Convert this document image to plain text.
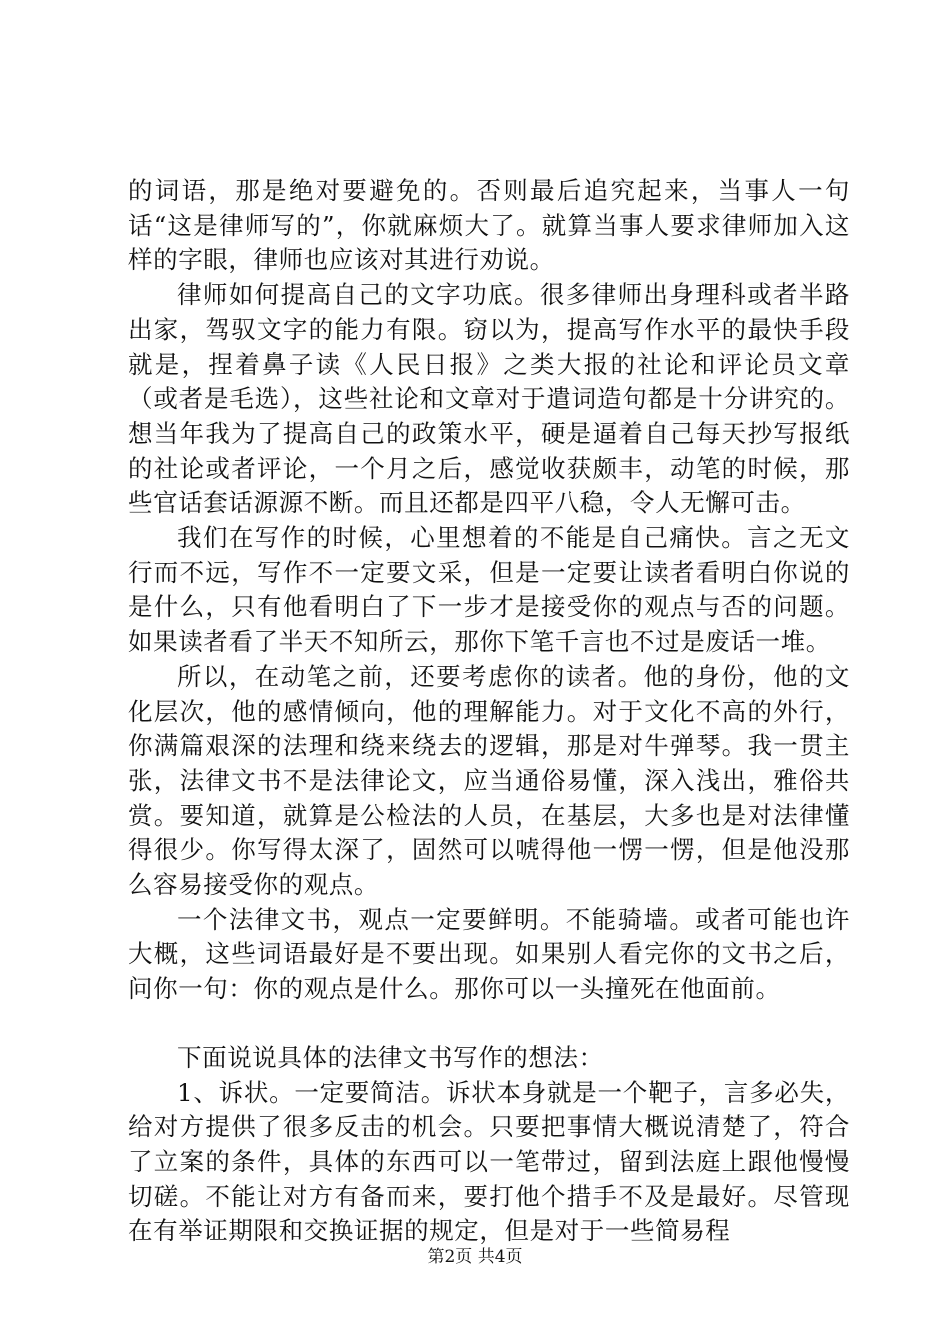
的词语，那是绝对要避免的。否则最后追究起来，当事人一句话“这是律师写的”，你就麻烦大了。就算当事人要求律师加入这样的字眼，律师也应该对其进行劝说。

律师如何提高自己的文字功底。很多律师出身理科或者半路出家，驾驭文字的能力有限。窃以为，提高写作水平的最快手段就是，捏着鼻子读《人民日报》之类大报的社论和评论员文章（或者是毛选），这些社论和文章对于遣词造句都是十分讲究的。想当年我为了提高自己的政策水平，硬是逼着自己每天抄写报纸的社论或者评论，一个月之后，感觉收获颇丰，动笔的时候，那些官话套话源源不断。而且还都是四平八稳，令人无懈可击。

我们在写作的时候，心里想着的不能是自己痛快。言之无文行而不远，写作不一定要文采，但是一定要让读者看明白你说的是什么，只有他看明白了下一步才是接受你的观点与否的问题。如果读者看了半天不知所云，那你下笔千言也不过是废话一堆。

所以，在动笔之前，还要考虑你的读者。他的身份，他的文化层次，他的感情倾向，他的理解能力。对于文化不高的外行，你满篇艰深的法理和绕来绕去的逻辑，那是对牛弹琴。我一贯主张，法律文书不是法律论文，应当通俗易懂，深入浅出，雅俗共赏。要知道，就算是公检法的人员，在基层，大多也是对法律懂得很少。你写得太深了，固然可以唬得他一愣一愣，但是他没那么容易接受你的观点。

一个法律文书，观点一定要鲜明。不能骑墙。或者可能也许大概，这些词语最好是不要出现。如果别人看完你的文书之后，问你一句：你的观点是什么。那你可以一头撞死在他面前。

下面说说具体的法律文书写作的想法：

1、诉状。一定要简洁。诉状本身就是一个靶子，言多必失，给对方提供了很多反击的机会。只要把事情大概说清楚了，符合了立案的条件，具体的东西可以一笔带过，留到法庭上跟他慢慢切磋。不能让对方有备而来，要打他个措手不及是最好。尽管现在有举证期限和交换证据的规定，但是对于一些简易程

第2页 共4页
